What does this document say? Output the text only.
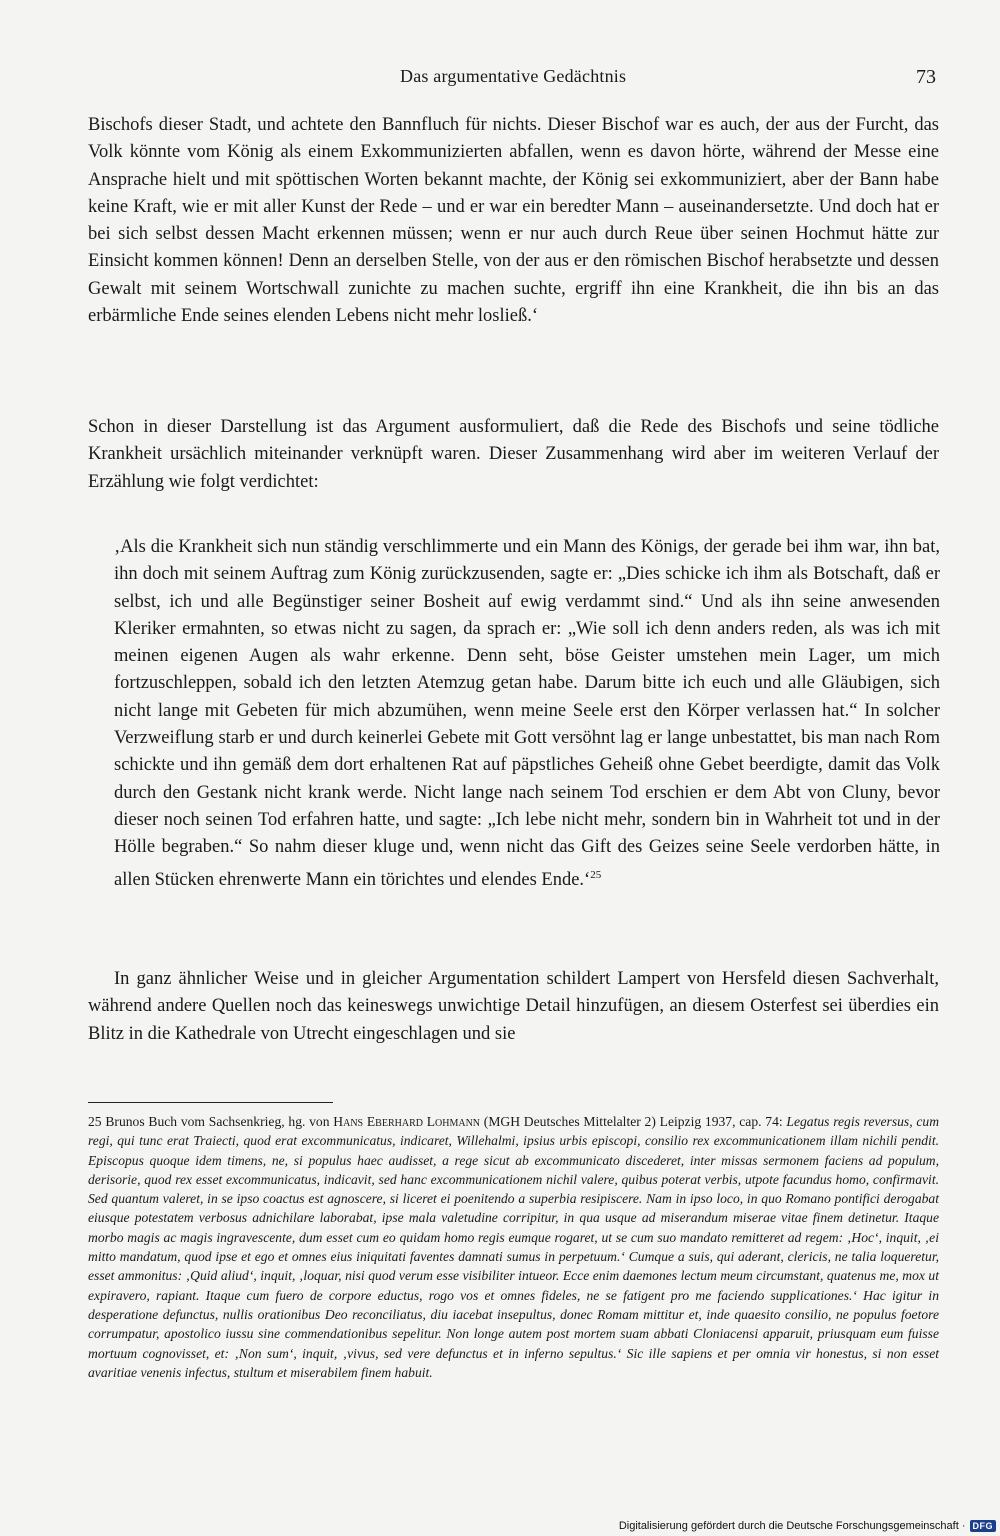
Das argumentative Gedächtnis	73

Bischofs dieser Stadt, und achtete den Bannfluch für nichts. Dieser Bischof war es auch, der aus der Furcht, das Volk könnte vom König als einem Exkommunizierten abfallen, wenn es davon hörte, während der Messe eine Ansprache hielt und mit spöttischen Worten bekannt machte, der König sei exkommuniziert, aber der Bann habe keine Kraft, wie er mit aller Kunst der Rede – und er war ein beredter Mann – auseinandersetzte. Und doch hat er bei sich selbst dessen Macht erkennen müssen; wenn er nur auch durch Reue über seinen Hochmut hätte zur Einsicht kommen können! Denn an derselben Stelle, von der aus er den römischen Bischof herabsetzte und dessen Gewalt mit seinem Wortschwall zunichte zu machen suchte, ergriff ihn eine Krankheit, die ihn bis an das erbärmliche Ende seines elenden Lebens nicht mehr losließ.‘

Schon in dieser Darstellung ist das Argument ausformuliert, daß die Rede des Bischofs und seine tödliche Krankheit ursächlich miteinander verknüpft waren. Dieser Zusammenhang wird aber im weiteren Verlauf der Erzählung wie folgt verdichtet:

‚Als die Krankheit sich nun ständig verschlimmerte und ein Mann des Königs, der gerade bei ihm war, ihn bat, ihn doch mit seinem Auftrag zum König zurückzusenden, sagte er: „Dies schicke ich ihm als Botschaft, daß er selbst, ich und alle Begünstiger seiner Bosheit auf ewig verdammt sind.“ Und als ihn seine anwesenden Kleriker ermahnten, so etwas nicht zu sagen, da sprach er: „Wie soll ich denn anders reden, als was ich mit meinen eigenen Augen als wahr erkenne. Denn seht, böse Geister umstehen mein Lager, um mich fortzuschleppen, sobald ich den letzten Atemzug getan habe. Darum bitte ich euch und alle Gläubigen, sich nicht lange mit Gebeten für mich abzumühen, wenn meine Seele erst den Körper verlassen hat.“ In solcher Verzweiflung starb er und durch keinerlei Gebete mit Gott versöhnt lag er lange unbestattet, bis man nach Rom schickte und ihn gemäß dem dort erhaltenen Rat auf päpstliches Geheiß ohne Gebet beerdigte, damit das Volk durch den Gestank nicht krank werde. Nicht lange nach seinem Tod erschien er dem Abt von Cluny, bevor dieser noch seinen Tod erfahren hatte, und sagte: „Ich lebe nicht mehr, sondern bin in Wahrheit tot und in der Hölle begraben.“ So nahm dieser kluge und, wenn nicht das Gift des Geizes seine Seele verdorben hätte, in allen Stücken ehrenwerte Mann ein törichtes und elendes Ende.‘$^{25}$

In ganz ähnlicher Weise und in gleicher Argumentation schildert Lampert von Hersfeld diesen Sachverhalt, während andere Quellen noch das keineswegs unwichtige Detail hinzufügen, an diesem Osterfest sei überdies ein Blitz in die Kathedrale von Utrecht eingeschlagen und sie

25 Brunos Buch vom Sachsenkrieg, hg. von Hans Eberhard Lohmann (MGH Deutsches Mittelalter 2) Leipzig 1937, cap. 74: Legatus regis reversus, cum regi, qui tunc erat Traiecti, quod erat excommunicatus, indicaret, Willehalmi, ipsius urbis episcopi, consilio rex excommunicationem illam nichili pendit. Episcopus quoque idem timens, ne, si populus haec audisset, a rege sicut ab excommunicato discederet, inter missas sermonem faciens ad populum, derisorie, quod rex esset excommunicatus, indicavit, sed hanc excommunicationem nichil valere, quibus poterat verbis, utpote facundus homo, confirmavit. Sed quantum valeret, in se ipso coactus est agnoscere, si liceret ei poenitendo a superbia resipiscere. Nam in ipso loco, in quo Romano pontifici derogabat eiusque potestatem verbosus adnichilare laborabat, ipse mala valetudine corripitur, in qua usque ad miserandum miserae vitae finem detinetur. Itaque morbo magis ac magis ingravescente, dum esset cum eo quidam homo regis eumque rogaret, ut se cum suo mandato remitteret ad regem: ‚Hoc‘, inquit, ‚ei mitto mandatum, quod ipse et ego et omnes eius iniquitati faventes damnati sumus in perpetuum.‘ Cumque a suis, qui aderant, clericis, ne talia loqueretur, esset ammonitus: ‚Quid aliud‘, inquit, ‚loquar, nisi quod verum esse visibiliter intueor. Ecce enim daemones lectum meum circumstant, quatenus me, mox ut expiravero, rapiant. Itaque cum fuero de corpore eductus, rogo vos et omnes fideles, ne se fatigent pro me faciendo supplicationes.‘ Hac igitur in desperatione defunctus, nullis orationibus Deo reconciliatus, diu iacebat insepultus, donec Romam mittitur et, inde quaesito consilio, ne populus foetore corrumpatur, apostolico iussu sine commendationibus sepelitur. Non longe autem post mortem suam abbati Cloniacensi apparuit, priusquam eum fuisse mortuum cognovisset, et: ‚Non sum‘, inquit, ‚vivus, sed vere defunctus et in inferno sepultus.‘ Sic ille sapiens et per omnia vir honestus, si non esset avaritiae venenis infectus, stultum et miserabilem finem habuit.

Digitalisierung gefördert durch die Deutsche Forschungsgemeinschaft · DFG
